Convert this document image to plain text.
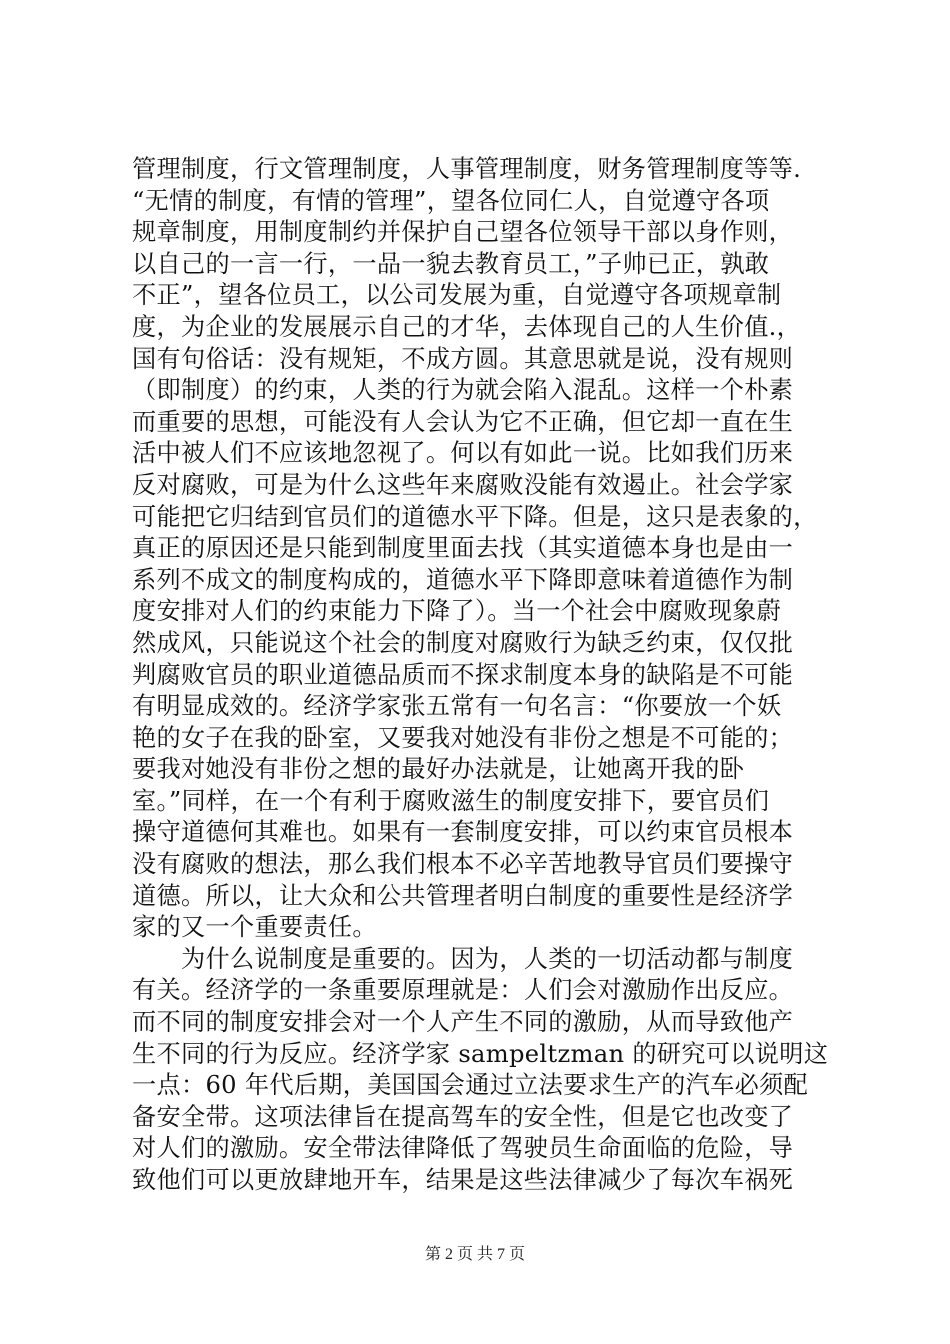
管理制度，行文管理制度，人事管理制度，财务管理制度等等.
“无情的制度，有情的管理”，望各位同仁人，自觉遵守各项
规章制度，用制度制约并保护自己望各位领导干部以身作则，
以自己的一言一行，一品一貌去教育员工，”子帅已正，孰敢
不正”，望各位员工，以公司发展为重，自觉遵守各项规章制
度，为企业的发展展示自己的才华，去体现自己的人生价值.，
国有句俗话：没有规矩，不成方圆。其意思就是说，没有规则
（即制度）的约束，人类的行为就会陷入混乱。这样一个朴素
而重要的思想，可能没有人会认为它不正确，但它却一直在生
活中被人们不应该地忽视了。何以有如此一说。比如我们历来
反对腐败，可是为什么这些年来腐败没能有效遏止。社会学家
可能把它归结到官员们的道德水平下降。但是，这只是表象的，
真正的原因还是只能到制度里面去找（其实道德本身也是由一
系列不成文的制度构成的，道德水平下降即意味着道德作为制
度安排对人们的约束能力下降了）。当一个社会中腐败现象蔚
然成风，只能说这个社会的制度对腐败行为缺乏约束，仅仅批
判腐败官员的职业道德品质而不探求制度本身的缺陷是不可能
有明显成效的。经济学家张五常有一句名言：“你要放一个妖
艳的女子在我的卧室，又要我对她没有非份之想是不可能的；
要我对她没有非份之想的最好办法就是，让她离开我的卧
室。”同样，在一个有利于腐败滋生的制度安排下，要官员们
操守道德何其难也。如果有一套制度安排，可以约束官员根本
没有腐败的想法，那么我们根本不必辛苦地教导官员们要操守
道德。所以，让大众和公共管理者明白制度的重要性是经济学
家的又一个重要责任。
　　为什么说制度是重要的。因为，人类的一切活动都与制度
有关。经济学的一条重要原理就是：人们会对激励作出反应。
而不同的制度安排会对一个人产生不同的激励，从而导致他产
生不同的行为反应。经济学家 sampeltzman 的研究可以说明这
一点：60 年代后期，美国国会通过立法要求生产的汽车必须配
备安全带。这项法律旨在提高驾车的安全性，但是它也改变了
对人们的激励。安全带法律降低了驾驶员生命面临的危险，导
致他们可以更放肆地开车，结果是这些法律减少了每次车祸死
第 2 页 共 7 页
